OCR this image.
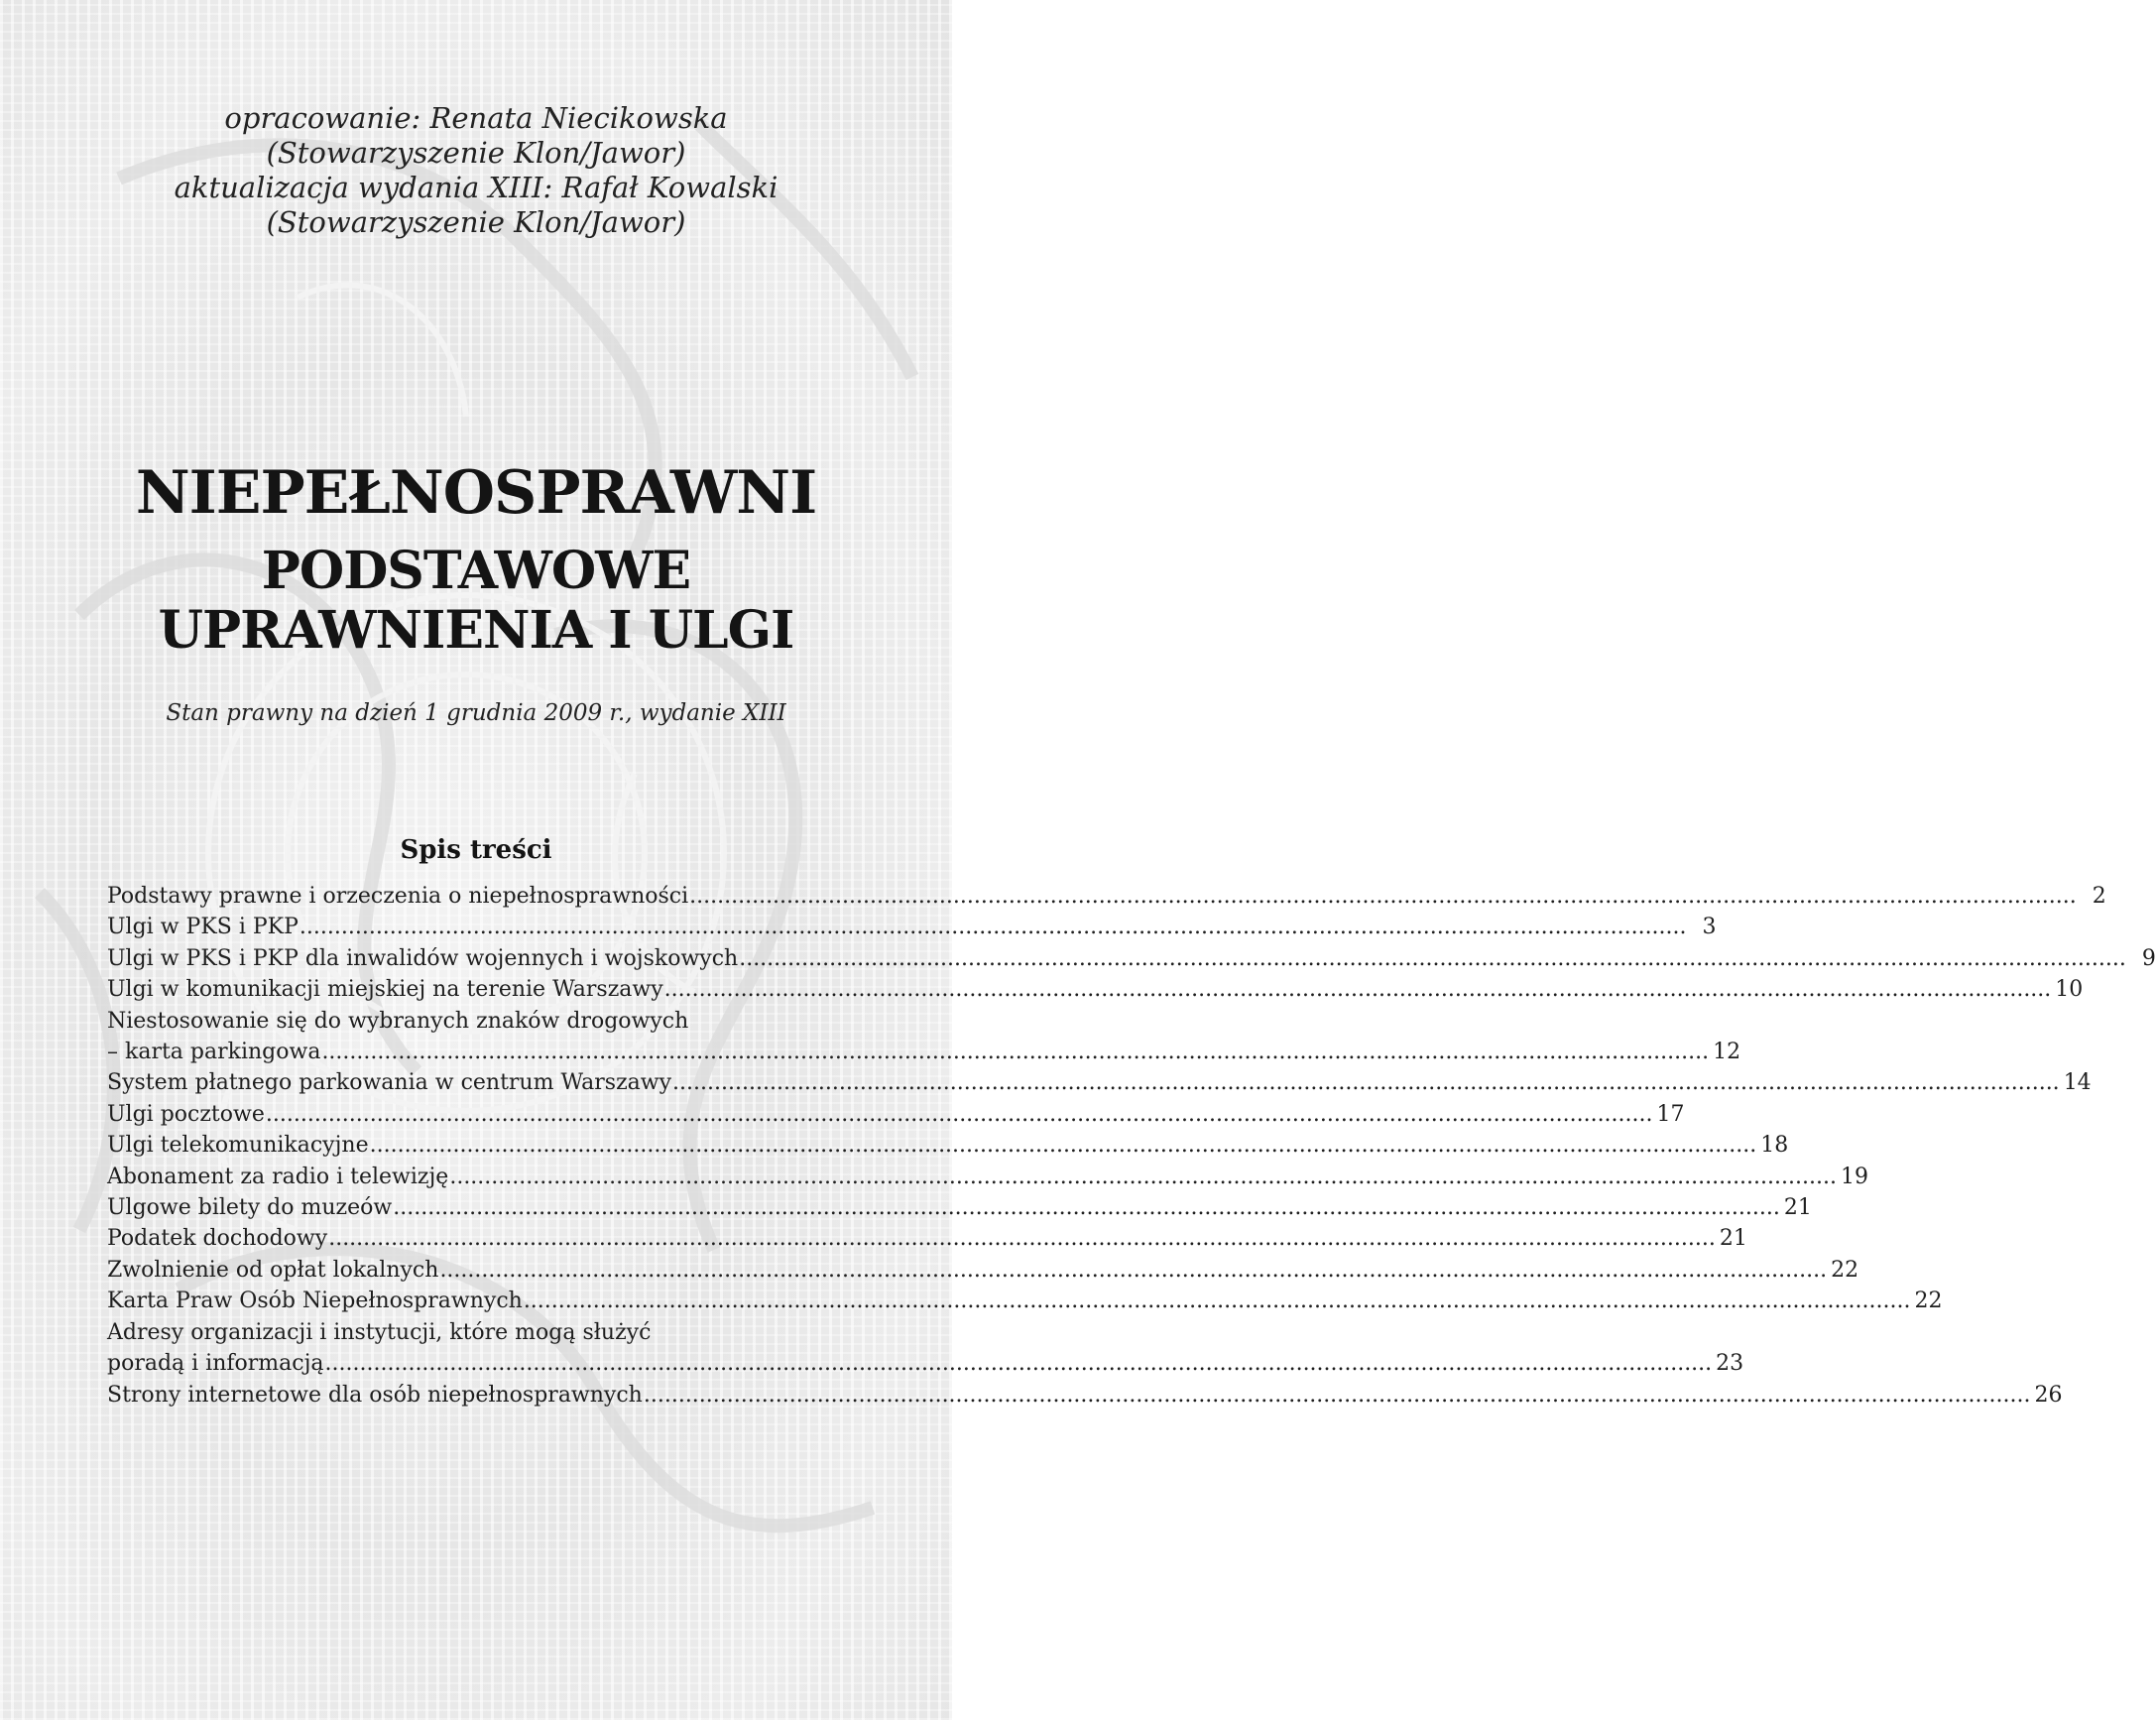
opracowanie: Renata Niecikowska
(Stowarzyszenie Klon/Jawor)
aktualizacja wydania XIII: Rafał Kowalski
(Stowarzyszenie Klon/Jawor)
NIEPEŁNOSPRAWNI
PODSTAWOWE
UPRAWNIENIA I ULGI
Stan prawny na dzień 1 grudnia 2009 r., wydanie XIII
Spis treści
Podstawy prawne i orzeczenia o niepełnosprawności ........................................................................................................................................................................................................ 2
Ulgi w PKS i PKP ........................................................................................................................................................................................................ 3
Ulgi w PKS i PKP dla inwalidów wojennych i wojskowych ........................................................................................................................................................................................................ 9
Ulgi w komunikacji miejskiej na terenie Warszawy ........................................................................................................................................................................................................ 10
Niestosowanie się do wybranych znaków drogowych
– karta parkingowa ........................................................................................................................................................................................................ 12
System płatnego parkowania w centrum Warszawy ........................................................................................................................................................................................................ 14
Ulgi pocztowe ........................................................................................................................................................................................................ 17
Ulgi telekomunikacyjne ........................................................................................................................................................................................................ 18
Abonament za radio i telewizję ........................................................................................................................................................................................................ 19
Ulgowe bilety do muzeów ........................................................................................................................................................................................................ 21
Podatek dochodowy ........................................................................................................................................................................................................ 21
Zwolnienie od opłat lokalnych ........................................................................................................................................................................................................ 22
Karta Praw Osób Niepełnosprawnych ........................................................................................................................................................................................................ 22
Adresy organizacji i instytucji, które mogą służyć
poradą i informacją ........................................................................................................................................................................................................ 23
Strony internetowe dla osób niepełnosprawnych ........................................................................................................................................................................................................ 26
